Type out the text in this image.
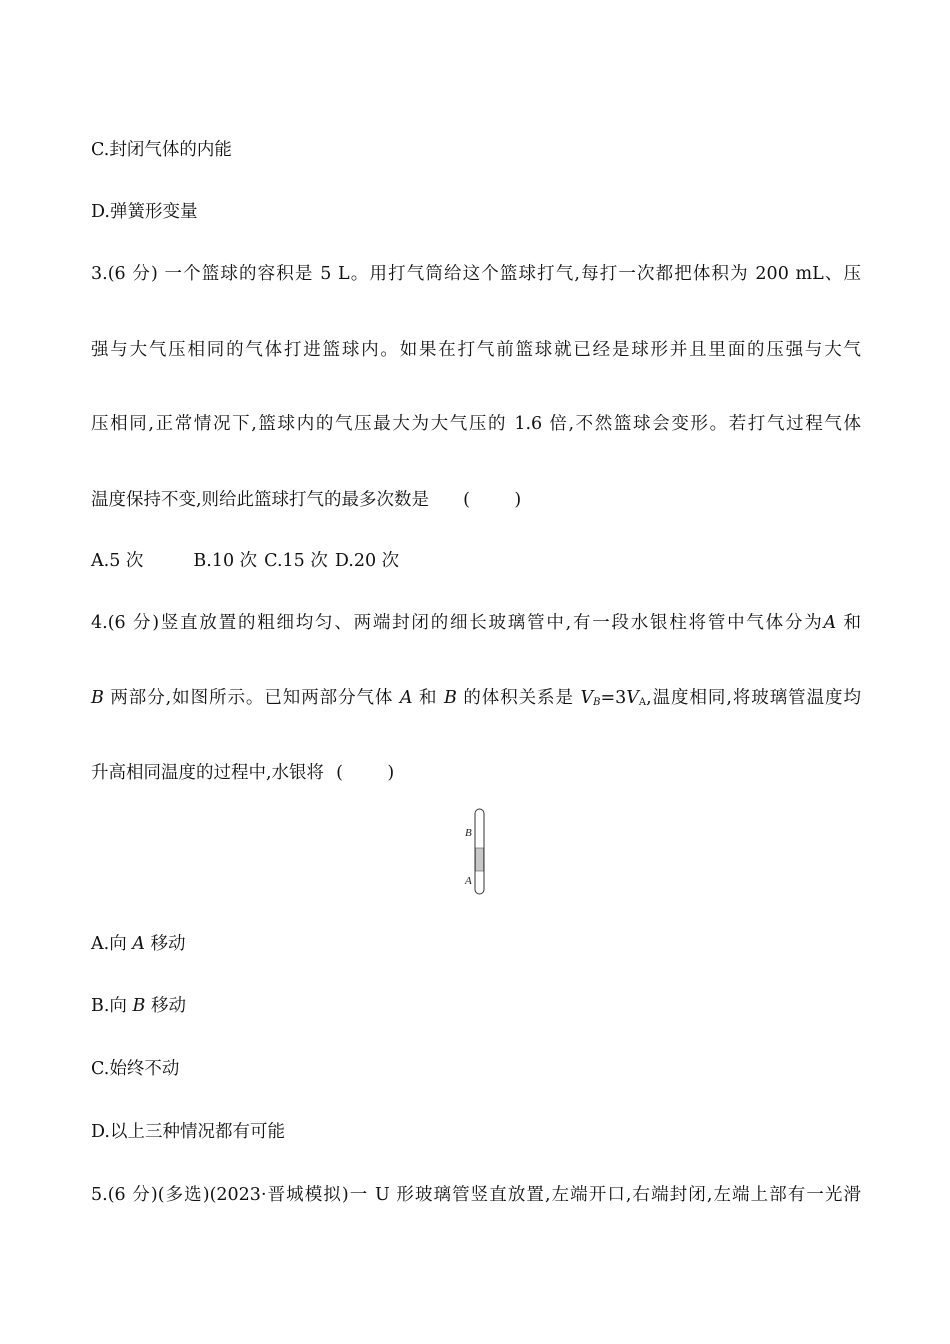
C.封闭气体的内能
D.弹簧形变量
3.(6 分) 一个篮球的容积是 5 L。用打气筒给这个篮球打气,每打一次都把体积为 200 mL、压
强与大气压相同的气体打进篮球内。如果在打气前篮球就已经是球形并且里面的压强与大气
压相同,正常情况下,篮球内的气压最大为大气压的 1.6 倍,不然篮球会变形。若打气过程气体
温度保持不变,则给此篮球打气的最多次数是 (        )
A.5 次	B.10 次 C.15 次 D.20 次
4.(6 分)竖直放置的粗细均匀、两端封闭的细长玻璃管中,有一段水银柱将管中气体分为A 和
B 两部分,如图所示。已知两部分气体 A 和 B 的体积关系是 $V_B=3V_A$,温度相同,将玻璃管温度均
升高相同温度的过程中,水银将 (        )
B
A
A.向 A 移动
B.向 B 移动
C.始终不动
D.以上三种情况都有可能
5.(6 分)(多选)(2023·晋城模拟)一 U 形玻璃管竖直放置,左端开口,右端封闭,左端上部有一光滑
